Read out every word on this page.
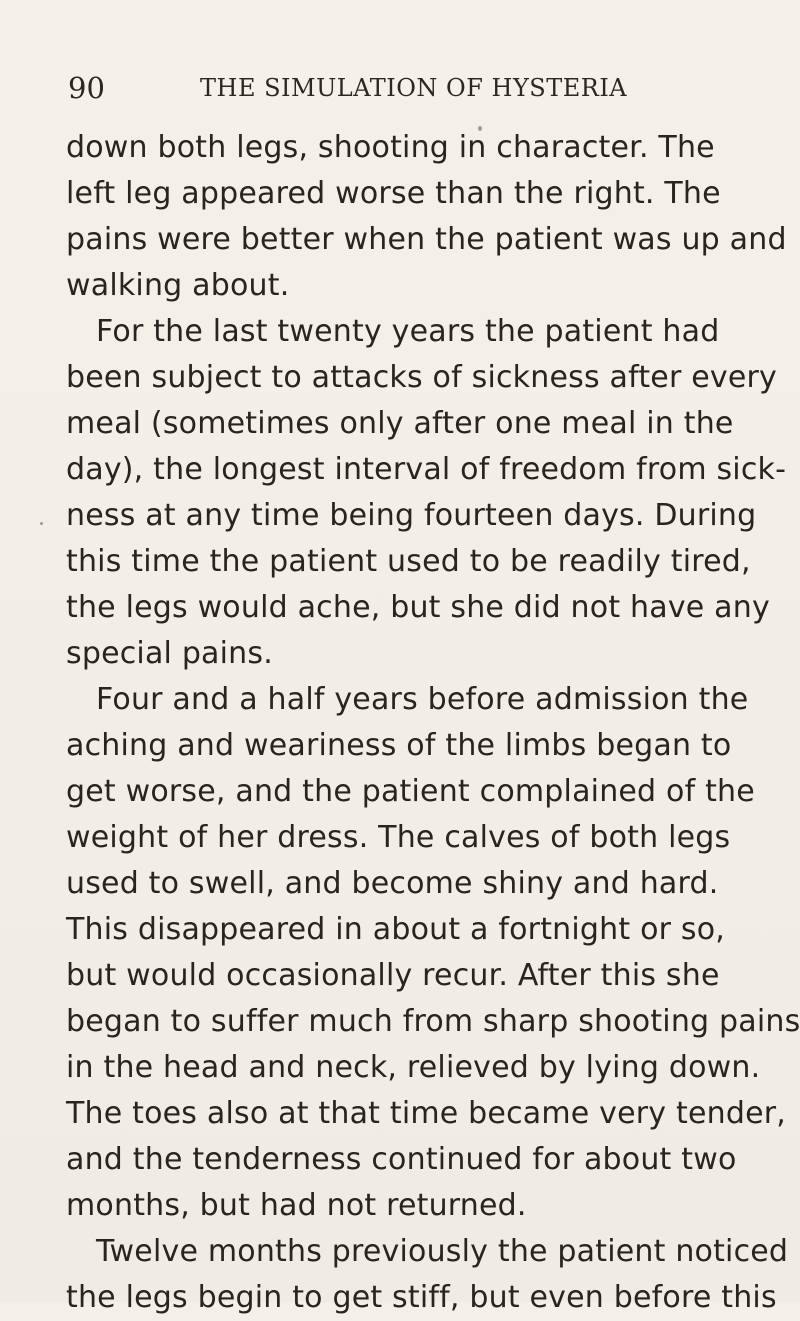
90	THE SIMULATION OF HYSTERIA
down both legs, shooting in character. The
left leg appeared worse than the right. The
pains were better when the patient was up and
walking about.
For the last twenty years the patient had
been subject to attacks of sickness after every
meal (sometimes only after one meal in the
day), the longest interval of freedom from sick-
ness at any time being fourteen days. During
this time the patient used to be readily tired,
the legs would ache, but she did not have any
special pains.
Four and a half years before admission the
aching and weariness of the limbs began to
get worse, and the patient complained of the
weight of her dress. The calves of both legs
used to swell, and become shiny and hard.
This disappeared in about a fortnight or so,
but would occasionally recur. After this she
began to suffer much from sharp shooting pains
in the head and neck, relieved by lying down.
The toes also at that time became very tender,
and the tenderness continued for about two
months, but had not returned.
Twelve months previously the patient noticed
the legs begin to get stiff, but even before this
